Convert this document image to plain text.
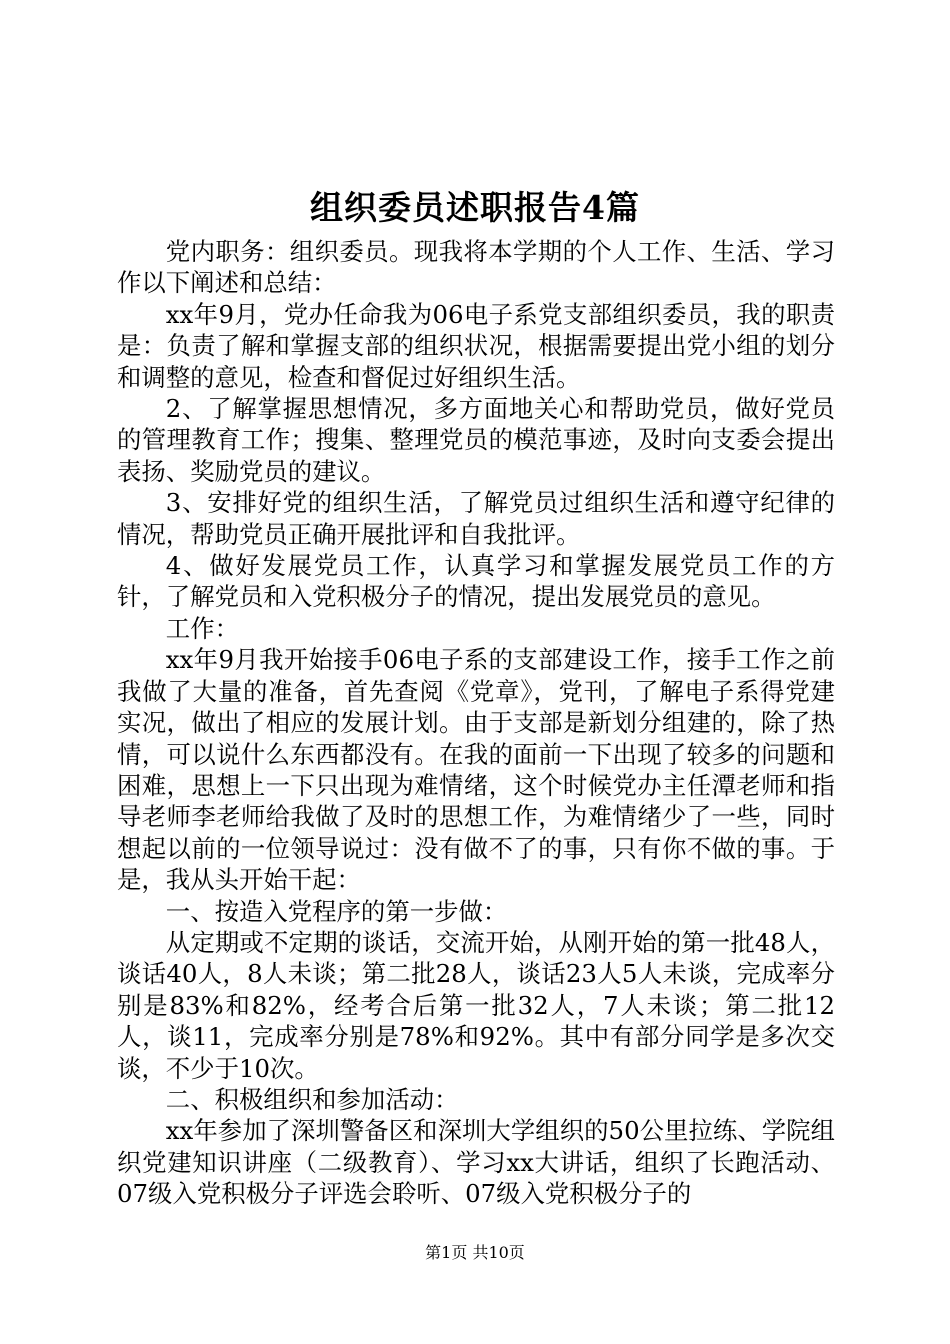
组织委员述职报告4篇

党内职务：组织委员。现我将本学期的个人工作、生活、学习作以下阐述和总结：

xx年9月，党办任命我为06电子系党支部组织委员，我的职责是：负责了解和掌握支部的组织状况，根据需要提出党小组的划分和调整的意见，检查和督促过好组织生活。

2、了解掌握思想情况，多方面地关心和帮助党员，做好党员的管理教育工作；搜集、整理党员的模范事迹，及时向支委会提出表扬、奖励党员的建议。

3、安排好党的组织生活，了解党员过组织生活和遵守纪律的情况，帮助党员正确开展批评和自我批评。

4、做好发展党员工作，认真学习和掌握发展党员工作的方针，了解党员和入党积极分子的情况，提出发展党员的意见。

工作：

xx年9月我开始接手06电子系的支部建设工作，接手工作之前我做了大量的准备，首先查阅《党章》，党刊，了解电子系得党建实况，做出了相应的发展计划。由于支部是新划分组建的，除了热情，可以说什么东西都没有。在我的面前一下出现了较多的问题和困难，思想上一下只出现为难情绪，这个时候党办主任潭老师和指导老师李老师给我做了及时的思想工作，为难情绪少了一些，同时想起以前的一位领导说过：没有做不了的事，只有你不做的事。于是，我从头开始干起：

一、按造入党程序的第一步做：

从定期或不定期的谈话，交流开始，从刚开始的第一批48人，谈话40人，8人未谈；第二批28人，谈话23人5人未谈，完成率分别是83%和82%，经考合后第一批32人，7人未谈；第二批12人，谈11，完成率分别是78%和92%。其中有部分同学是多次交谈，不少于10次。

二、积极组织和参加活动：

xx年参加了深圳警备区和深圳大学组织的50公里拉练、学院组织党建知识讲座（二级教育）、学习xx大讲话，组织了长跑活动、07级入党积极分子评选会聆听、07级入党积极分子的

第1页 共10页
